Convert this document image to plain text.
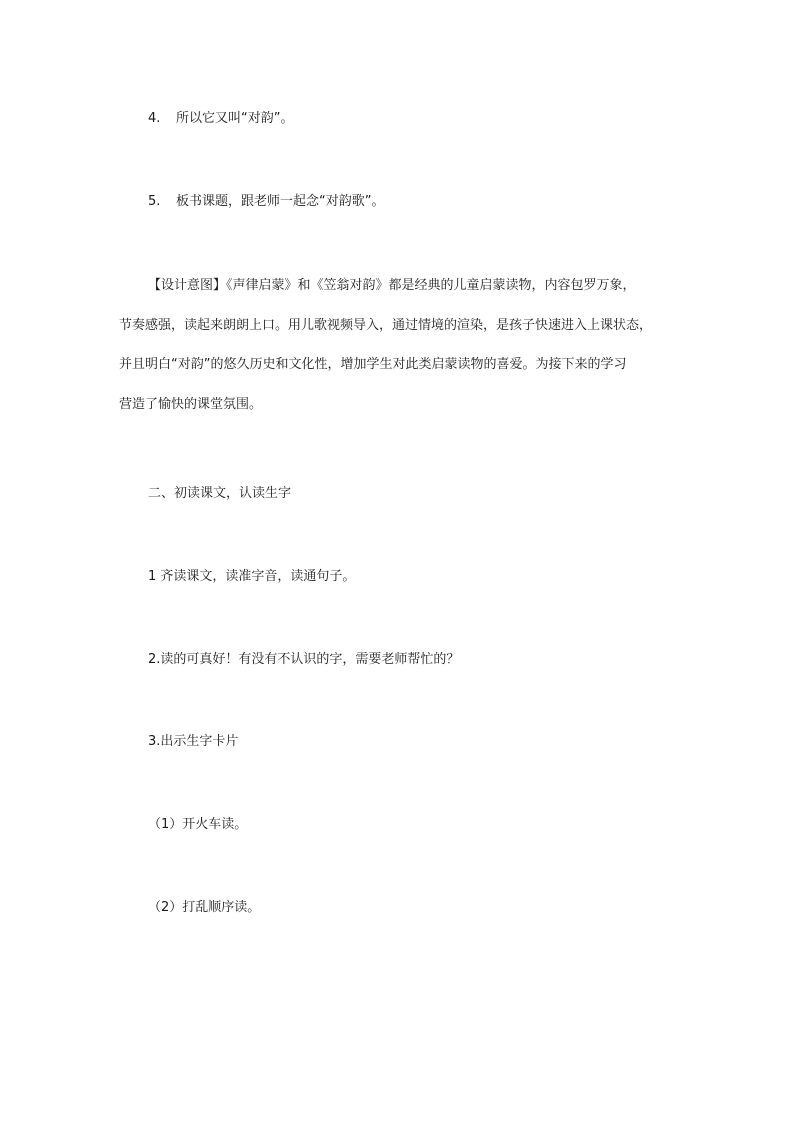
4. 所以它又叫“对韵”。
5. 板书课题，跟老师一起念“对韵歌”。
【设计意图】《声律启蒙》和《笠翁对韵》都是经典的儿童启蒙读物，内容包罗万象，
节奏感强，读起来朗朗上口。用儿歌视频导入，通过情境的渲染，是孩子快速进入上课状态，
并且明白“对韵”的悠久历史和文化性，增加学生对此类启蒙读物的喜爱。为接下来的学习
营造了愉快的课堂氛围。
二、初读课文，认读生字
1 齐读课文，读准字音，读通句子。
2.读的可真好！有没有不认识的字，需要老师帮忙的？
3.出示生字卡片
（1）开火车读。
（2）打乱顺序读。
